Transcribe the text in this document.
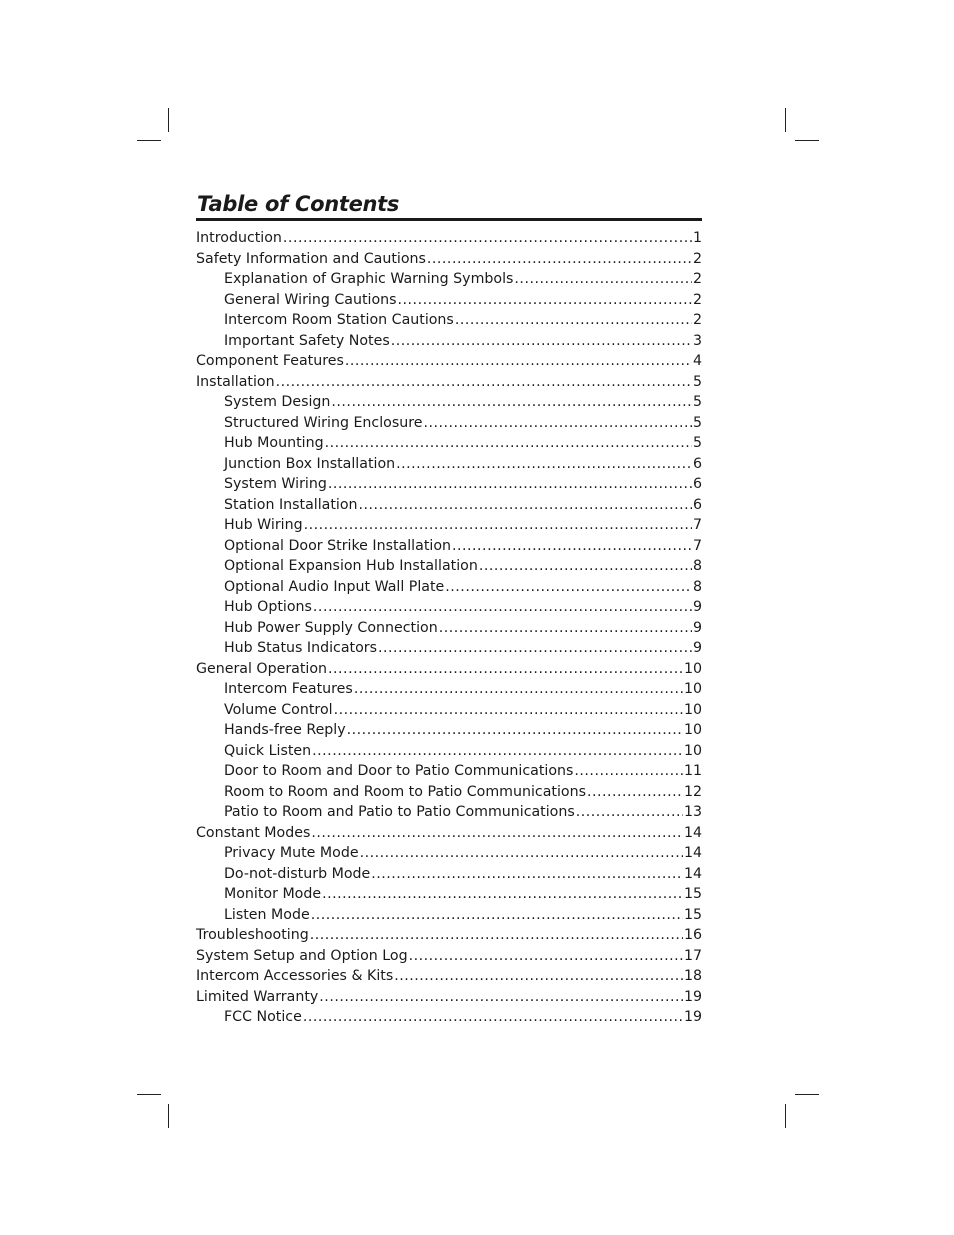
Table of Contents
Introduction .....	1
Safety Information and Cautions .....	2
Explanation of Graphic Warning Symbols .....	2
General Wiring Cautions .....	2
Intercom Room Station Cautions .....	2
Important Safety Notes .....	3
Component Features .....	4
Installation .....	5
System Design .....	5
Structured Wiring Enclosure .....	5
Hub Mounting .....	5
Junction Box Installation .....	6
System Wiring .....	6
Station Installation .....	6
Hub Wiring .....	7
Optional Door Strike Installation .....	7
Optional Expansion Hub Installation .....	8
Optional Audio Input Wall Plate .....	8
Hub Options .....	9
Hub Power Supply Connection .....	9
Hub Status Indicators .....	9
General Operation .....	10
Intercom Features .....	10
Volume Control .....	10
Hands-free Reply .....	10
Quick Listen .....	10
Door to Room and Door to Patio Communications .....	11
Room to Room and Room to Patio Communications .....	12
Patio to Room and Patio to Patio Communications .....	13
Constant Modes .....	14
Privacy Mute Mode .....	14
Do-not-disturb Mode .....	14
Monitor Mode .....	15
Listen Mode .....	15
Troubleshooting .....	16
System Setup and Option Log .....	17
Intercom Accessories & Kits .....	18
Limited Warranty .....	19
FCC Notice .....	19
